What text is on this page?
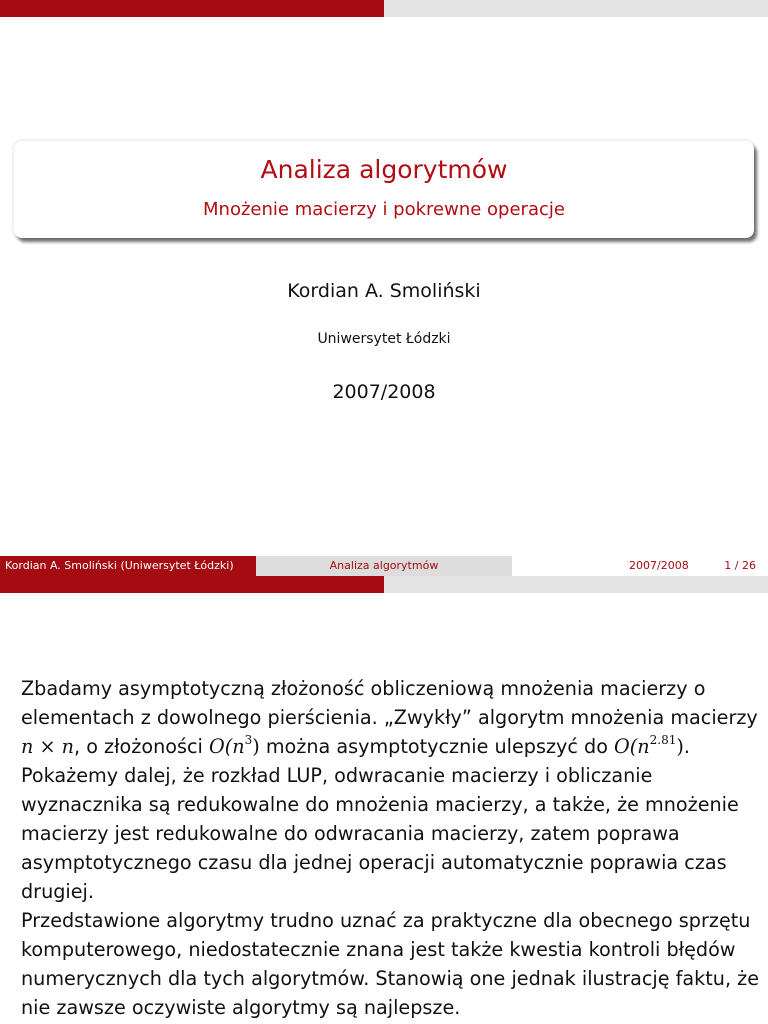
Analiza algorytmów
Mnożenie macierzy i pokrewne operacje
Kordian A. Smoliński
Uniwersytet Łódzki
2007/2008
Kordian A. Smoliński (Uniwersytet Łódzki)	Analiza algorytmów	2007/2008	1 / 26

Zbadamy asymptotyczną złożoność obliczeniową mnożenia macierzy o elementach z dowolnego pierścienia. „Zwykły” algorytm mnożenia macierzy n × n, o złożoności $O(n^3)$ można asymptotycznie ulepszyć do $O(n^{2.81})$. Pokażemy dalej, że rozkład LUP, odwracanie macierzy i obliczanie wyznacznika są redukowalne do mnożenia macierzy, a także, że mnożenie macierzy jest redukowalne do odwracania macierzy, zatem poprawa asymptotycznego czasu dla jednej operacji automatycznie poprawia czas drugiej.

Przedstawione algorytmy trudno uznać za praktyczne dla obecnego sprzętu komputerowego, niedostatecznie znana jest także kwestia kontroli błędów numerycznych dla tych algorytmów. Stanowią one jednak ilustrację faktu, że nie zawsze oczywiste algorytmy są najlepsze.
